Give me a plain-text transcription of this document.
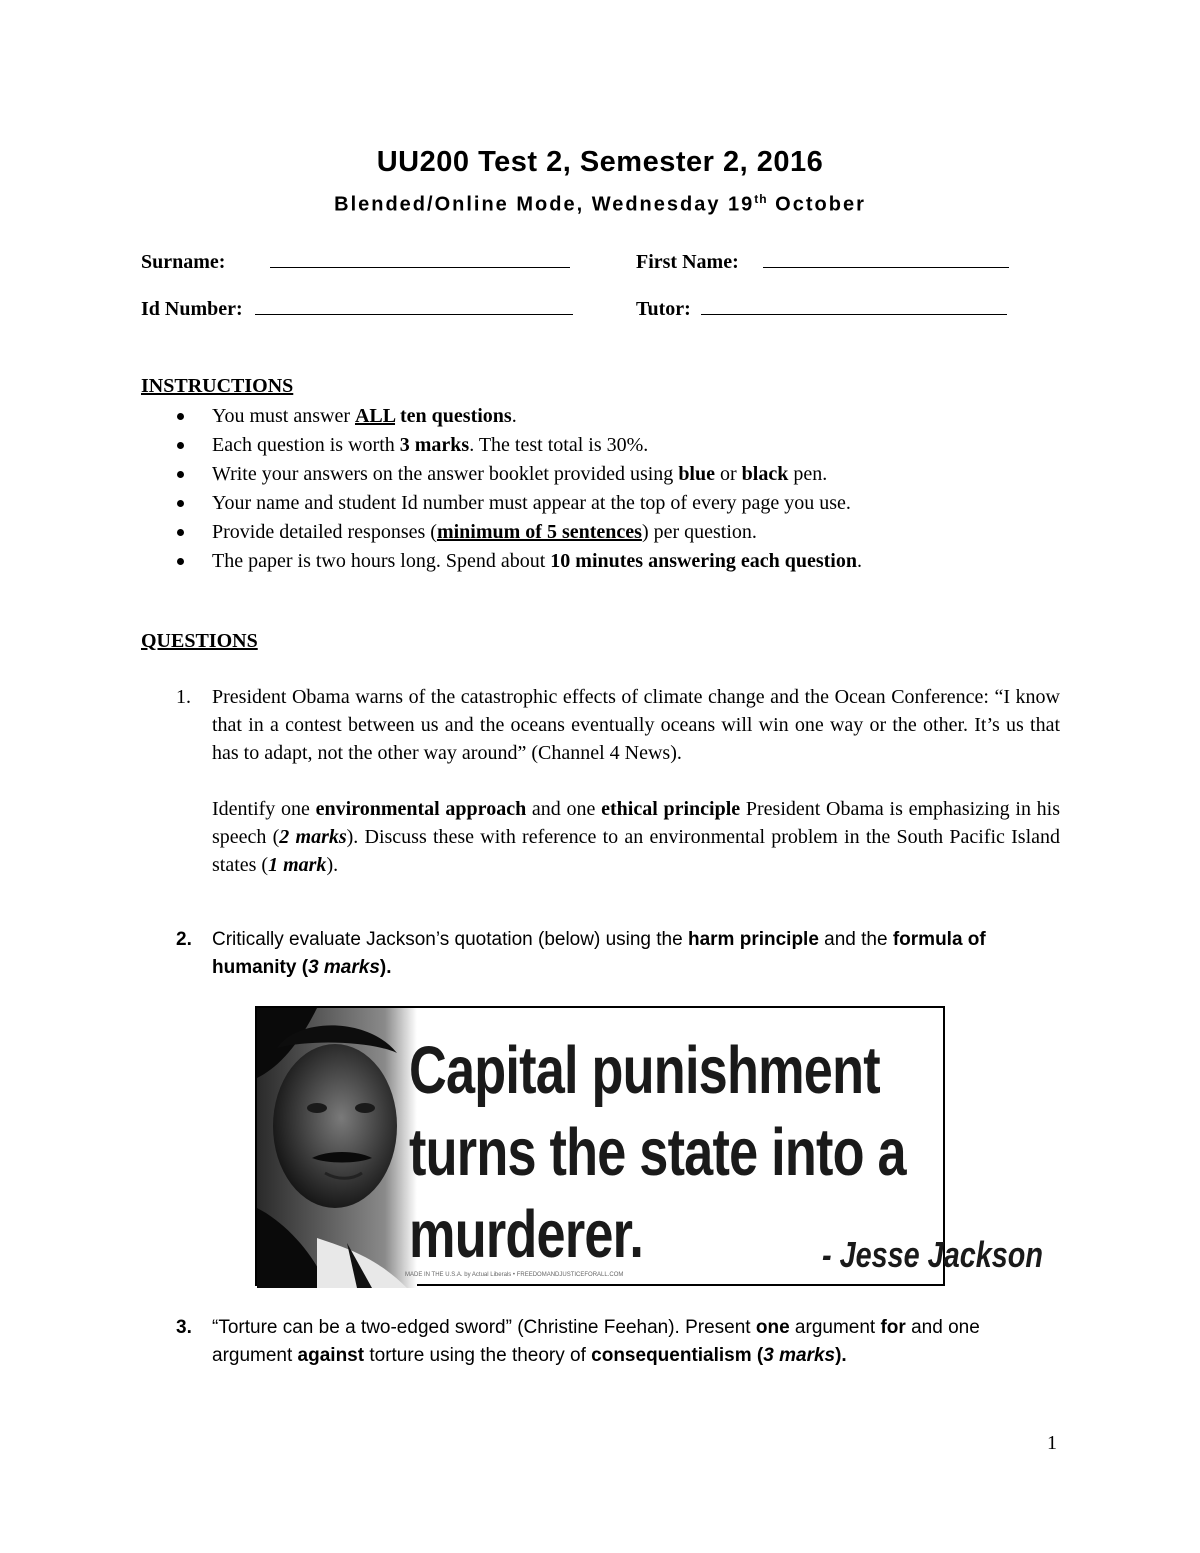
UU200 Test 2, Semester 2, 2016
Blended/Online Mode, Wednesday 19th October
Surname:	First Name:
Id Number:	Tutor:
INSTRUCTIONS
You must answer ALL ten questions.
Each question is worth 3 marks. The test total is 30%.
Write your answers on the answer booklet provided using blue or black pen.
Your name and student Id number must appear at the top of every page you use.
Provide detailed responses (minimum of 5 sentences) per question.
The paper is two hours long. Spend about 10 minutes answering each question.
QUESTIONS
1. President Obama warns of the catastrophic effects of climate change and the Ocean Conference: “I know that in a contest between us and the oceans eventually oceans will win one way or the other. It’s us that has to adapt, not the other way around” (Channel 4 News).

Identify one environmental approach and one ethical principle President Obama is emphasizing in his speech (2 marks). Discuss these with reference to an environmental problem in the South Pacific Island states (1 mark).

2. Critically evaluate Jackson’s quotation (below) using the harm principle and the formula of humanity (3 marks).

Capital punishment
turns the state into a
murderer.	- Jesse Jackson
MADE IN THE U.S.A. by Actual Liberals • FREEDOMANDJUSTICEFORALL.COM
3. “Torture can be a two-edged sword” (Christine Feehan). Present one argument for and one argument against torture using the theory of consequentialism (3 marks).

1
